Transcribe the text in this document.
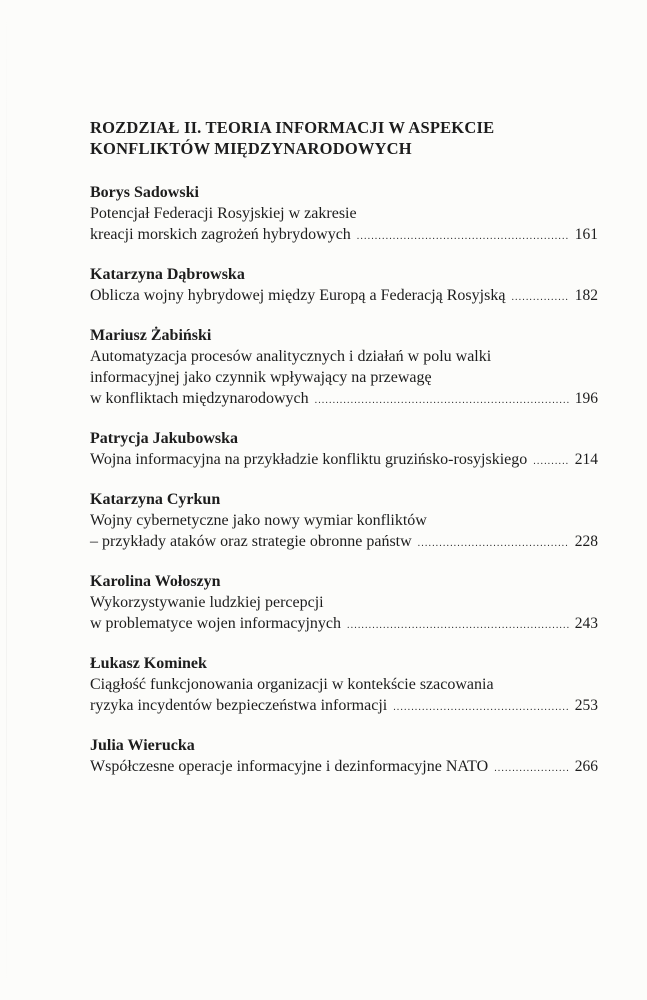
ROZDZIAŁ II. TEORIA INFORMACJI W ASPEKCIE
KONFLIKTÓW MIĘDZYNARODOWYCH
Borys Sadowski
Potencjał Federacji Rosyjskiej w zakresie
kreacji morskich zagrożeń hybrydowych .....	161
Katarzyna Dąbrowska
Oblicza wojny hybrydowej między Europą a Federacją Rosyjską .....	182
Mariusz Żabiński
Automatyzacja procesów analitycznych i działań w polu walki
informacyjnej jako czynnik wpływający na przewagę
w konfliktach międzynarodowych .....	196
Patrycja Jakubowska
Wojna informacyjna na przykładzie konfliktu gruzińsko-rosyjskiego .....	214
Katarzyna Cyrkun
Wojny cybernetyczne jako nowy wymiar konfliktów
– przykłady ataków oraz strategie obronne państw .....	228
Karolina Wołoszyn
Wykorzystywanie ludzkiej percepcji
w problematyce wojen informacyjnych .....	243
Łukasz Kominek
Ciągłość funkcjonowania organizacji w kontekście szacowania
ryzyka incydentów bezpieczeństwa informacji .....	253
Julia Wierucka
Współczesne operacje informacyjne i dezinformacyjne NATO .....	266
